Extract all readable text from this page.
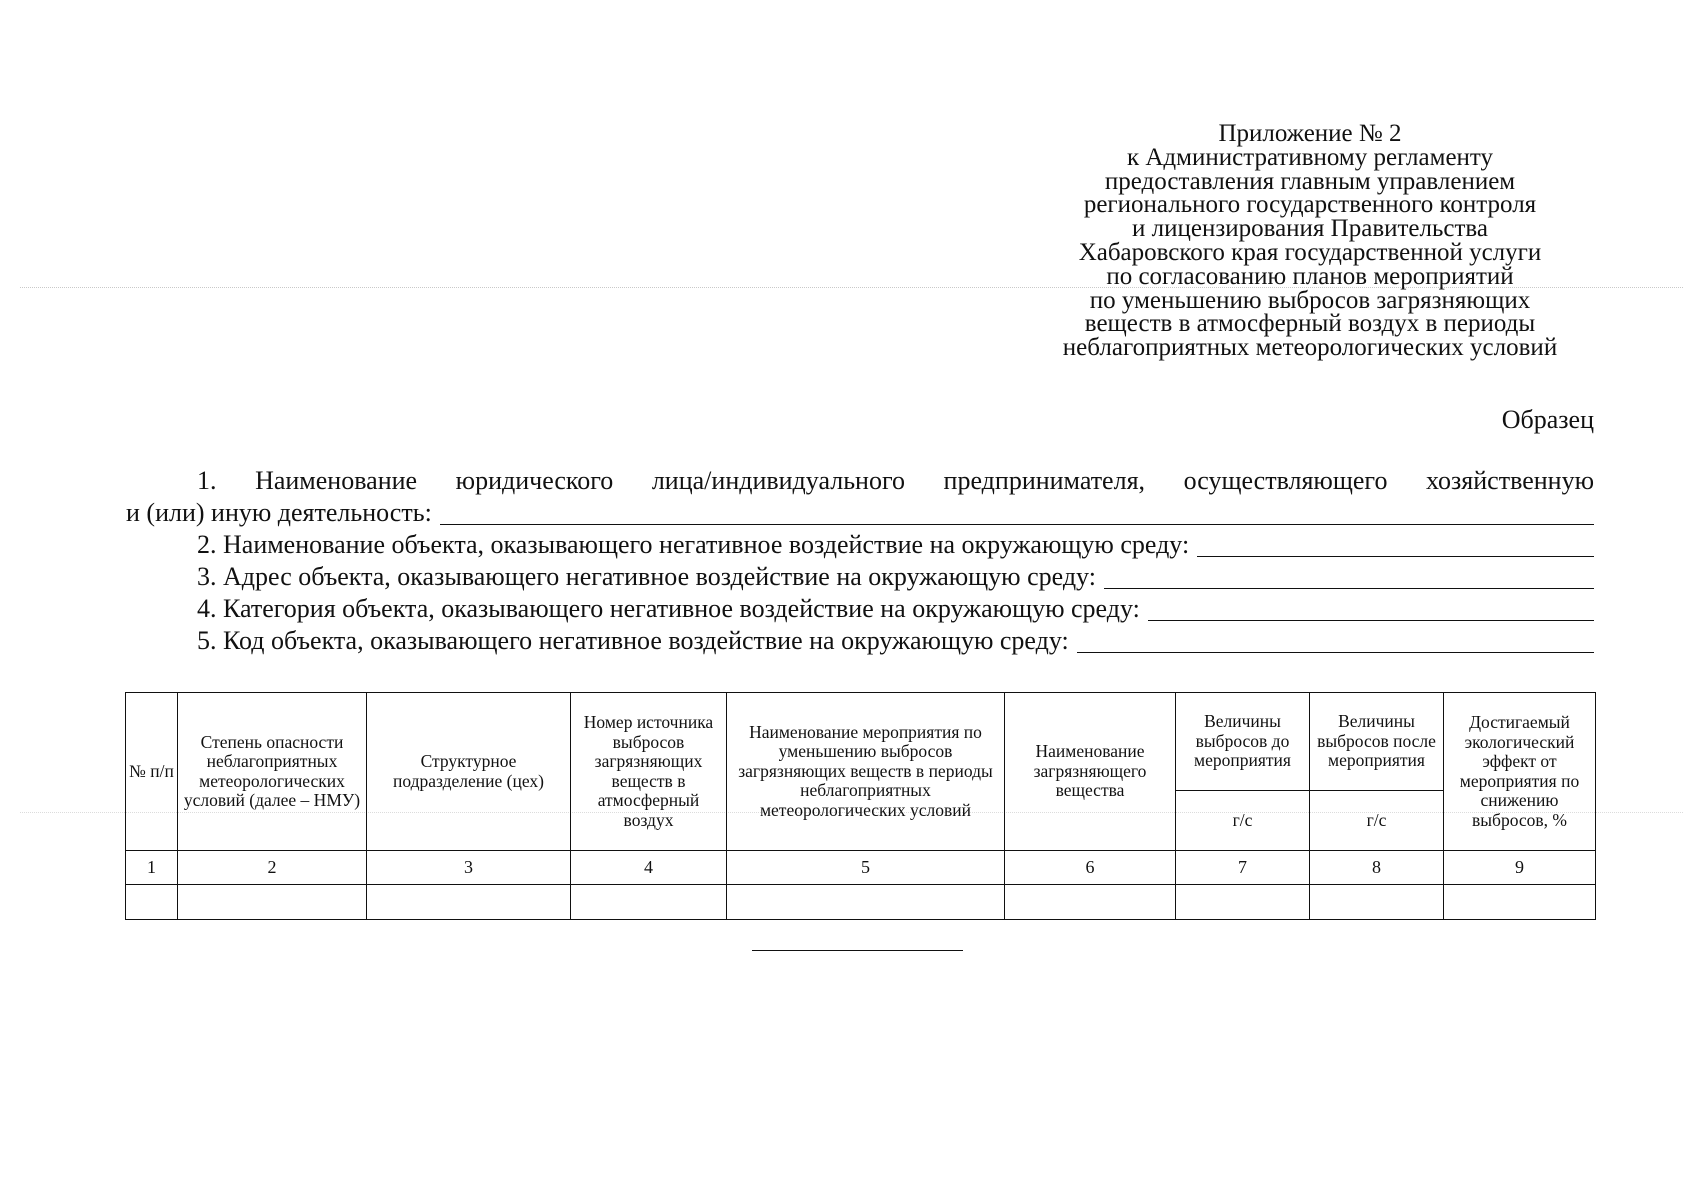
Приложение № 2
к Административному регламенту
предоставления главным управлением
регионального государственного контроля
и лицензирования Правительства
Хабаровского края государственной услуги
по согласованию планов мероприятий
по уменьшению выбросов загрязняющих
веществ в атмосферный воздух в периоды
неблагоприятных метеорологических условий
Образец
1. Наименование юридического лица/индивидуального предпринимателя, осуществляющего хозяйственную
и (или) иную деятельность:
2. Наименование объекта, оказывающего негативное воздействие на окружающую среду:
3. Адрес объекта, оказывающего негативное воздействие на окружающую среду:
4. Категория объекта, оказывающего негативное воздействие на окружающую среду:
5. Код объекта, оказывающего негативное воздействие на окружающую среду:
№ п/п	Степень опасности неблагоприятных метеорологических условий (далее – НМУ)	Структурное подразделение (цех)	Номер источника выбросов загрязняющих веществ в атмосферный воздух	Наименование мероприятия по уменьшению выбросов загрязняющих веществ в периоды неблагоприятных метеорологических условий	Наименование загрязняющего вещества	Величины выбросов до мероприятия	Величины выбросов после мероприятия	Достигаемый экологический эффект от мероприятия по снижению выбросов, %
						г/с	г/с	
1	2	3	4	5	6	7	8	9
